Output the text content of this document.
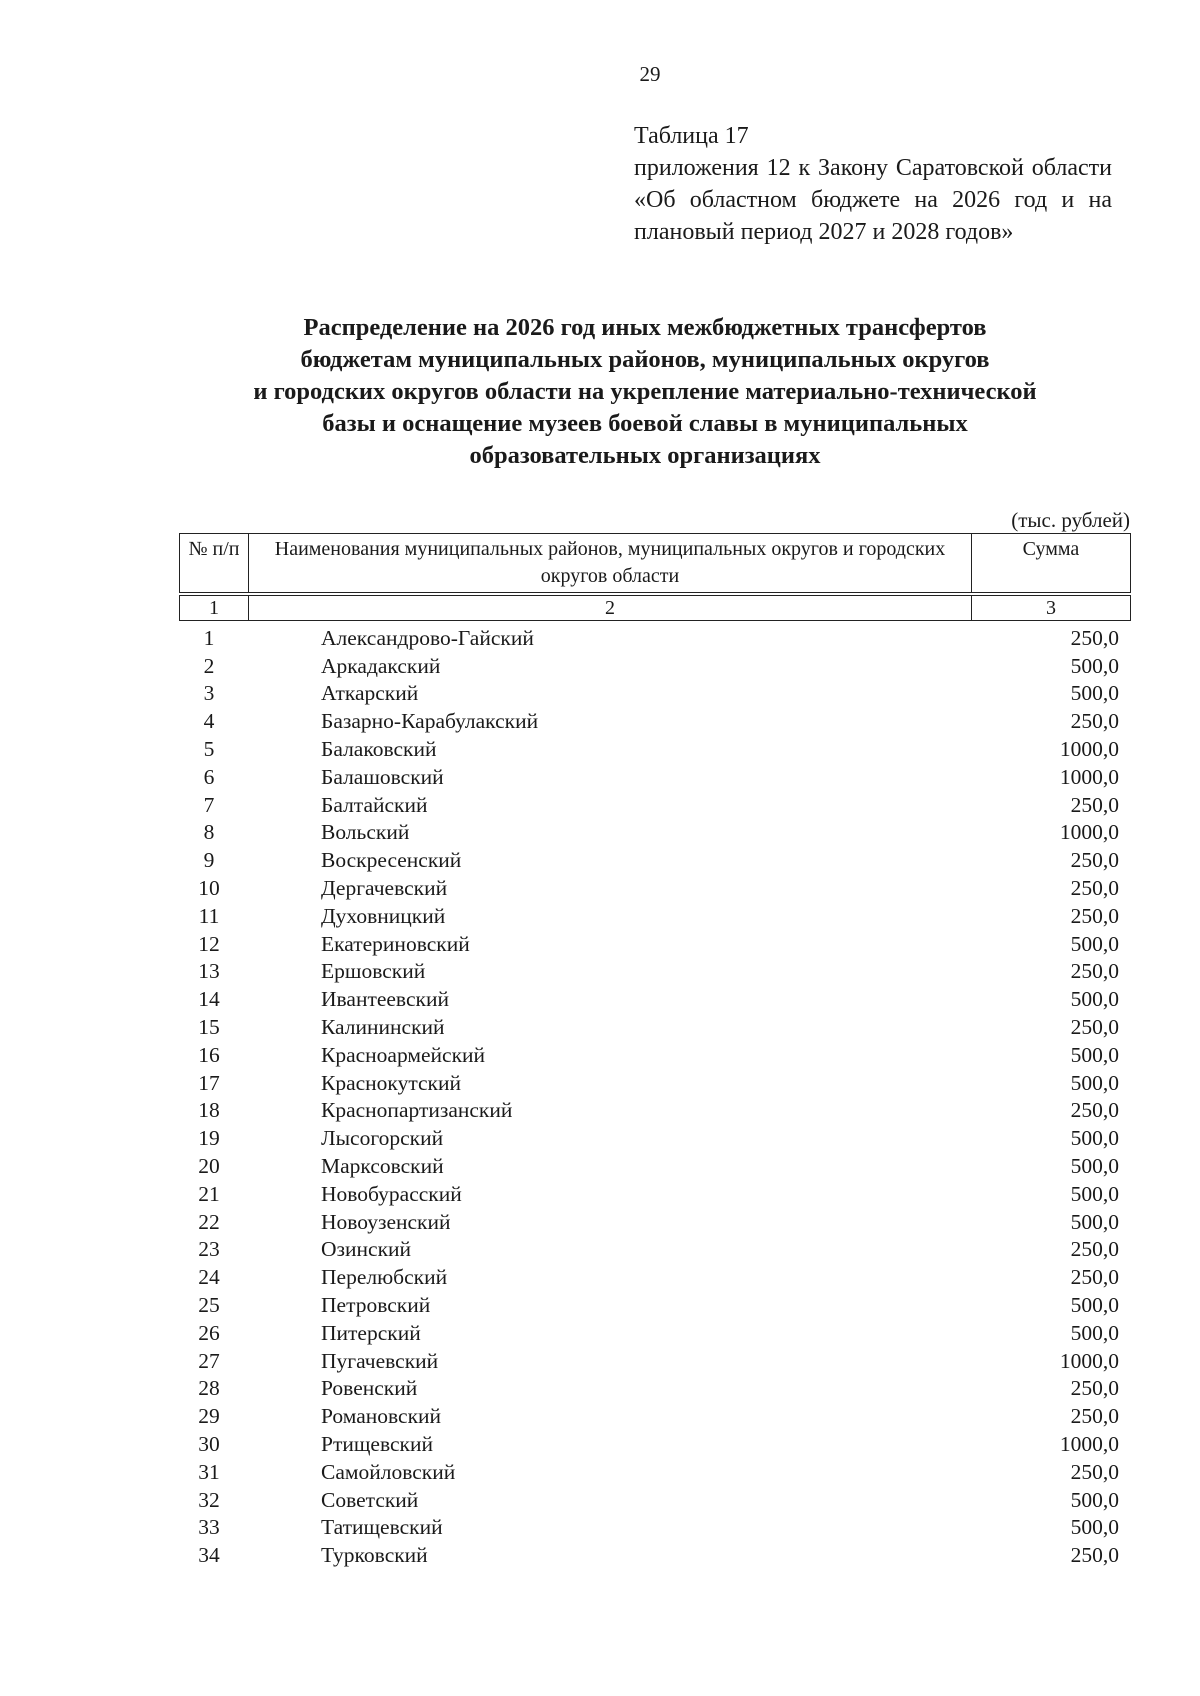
29
Таблица 17
приложения 12 к Закону Саратовской области «Об областном бюджете на 2026 год и на плановый период 2027 и 2028 годов»
Распределение на 2026 год иных межбюджетных трансфертов
бюджетам муниципальных районов, муниципальных округов
и городских округов области на укрепление материально-технической
базы и оснащение музеев боевой славы в муниципальных
образовательных организациях
(тыс. рублей)
№ п/п	Наименования муниципальных районов, муниципальных округов и городских округов области	Сумма

1	2	3
1	Александрово-Гайский	250,0
2	Аркадакский	500,0
3	Аткарский	500,0
4	Базарно-Карабулакский	250,0
5	Балаковский	1000,0
6	Балашовский	1000,0
7	Балтайский	250,0
8	Вольский	1000,0
9	Воскресенский	250,0
10	Дергачевский	250,0
11	Духовницкий	250,0
12	Екатериновский	500,0
13	Ершовский	250,0
14	Ивантеевский	500,0
15	Калининский	250,0
16	Красноармейский	500,0
17	Краснокутский	500,0
18	Краснопартизанский	250,0
19	Лысогорский	500,0
20	Марксовский	500,0
21	Новобурасский	500,0
22	Новоузенский	500,0
23	Озинский	250,0
24	Перелюбский	250,0
25	Петровский	500,0
26	Питерский	500,0
27	Пугачевский	1000,0
28	Ровенский	250,0
29	Романовский	250,0
30	Ртищевский	1000,0
31	Самойловский	250,0
32	Советский	500,0
33	Татищевский	500,0
34	Турковский	250,0
